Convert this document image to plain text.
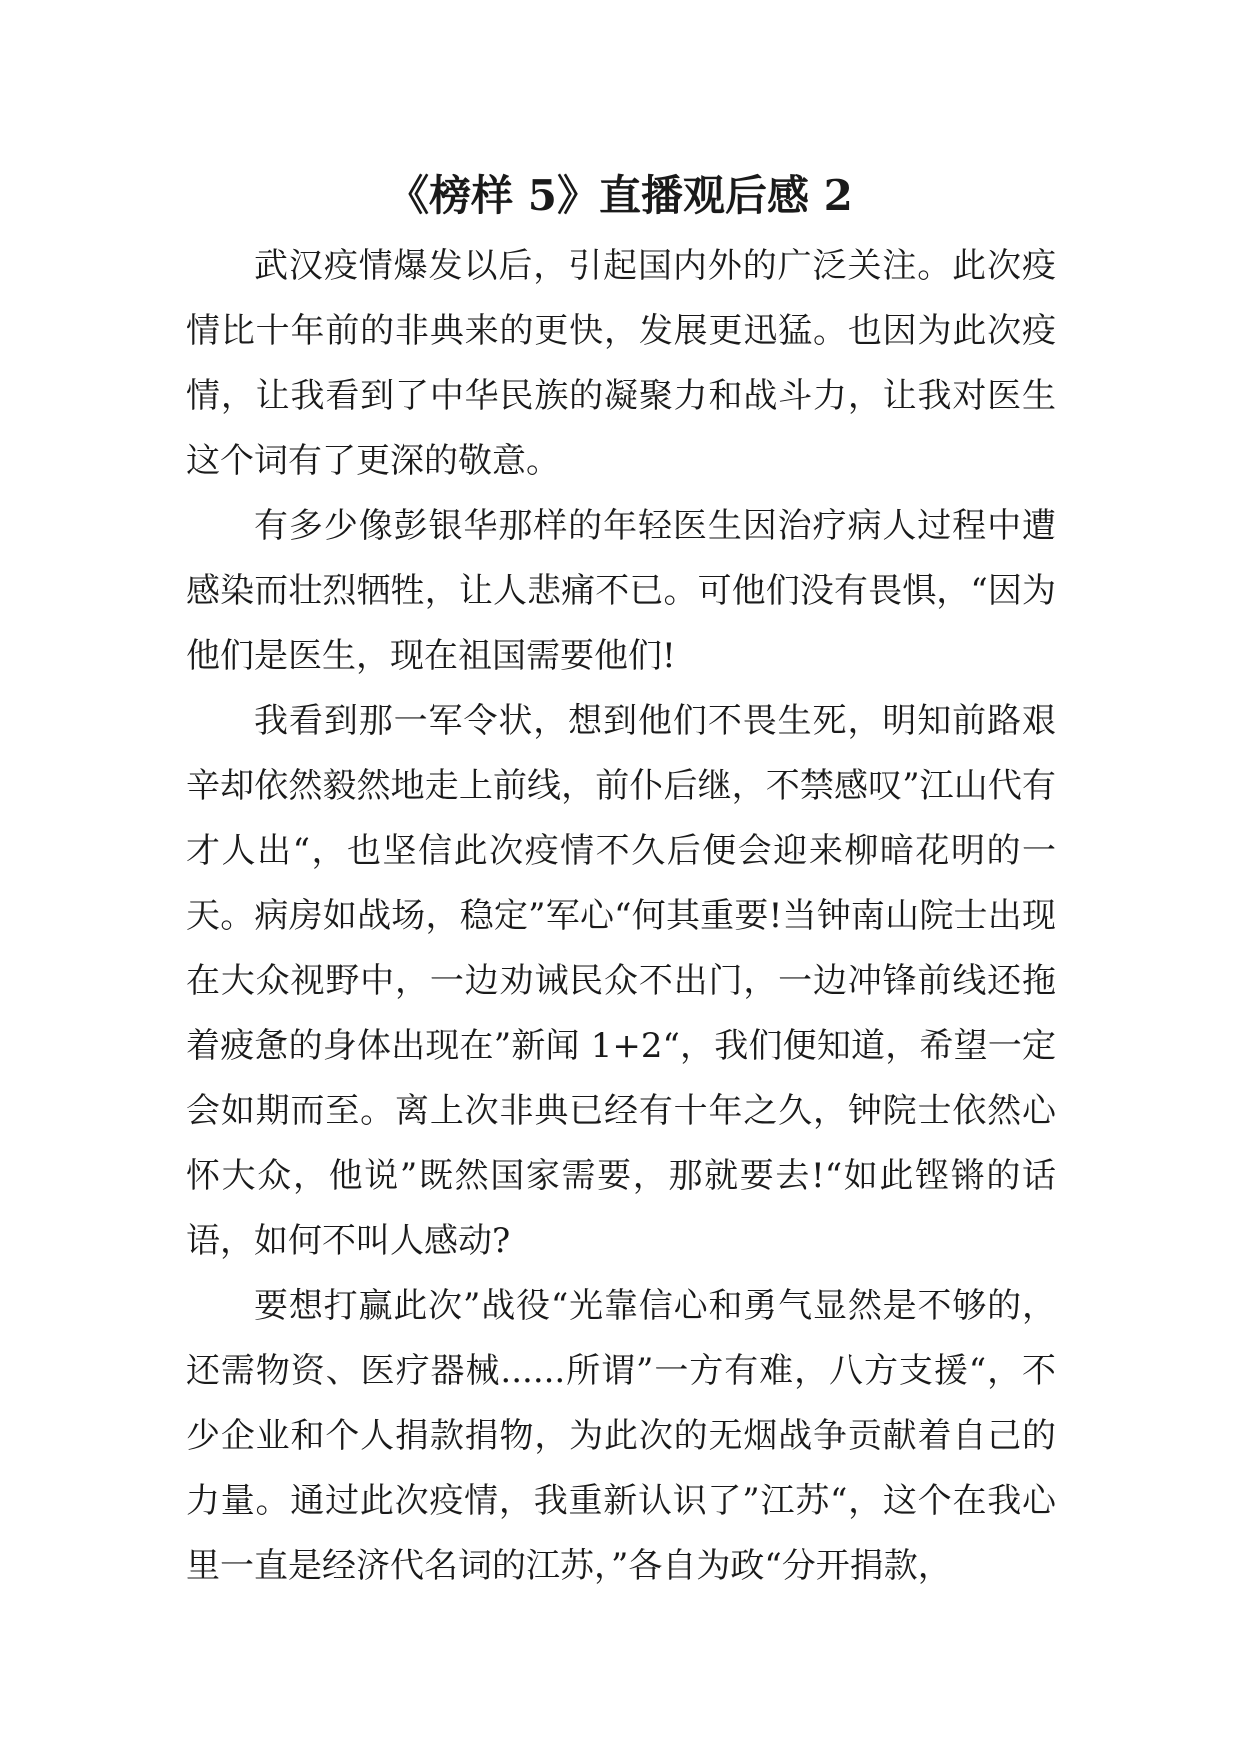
《榜样 5》直播观后感 2

武汉疫情爆发以后，引起国内外的广泛关注。此次疫情比十年前的非典来的更快，发展更迅猛。也因为此次疫情，让我看到了中华民族的凝聚力和战斗力，让我对医生这个词有了更深的敬意。

有多少像彭银华那样的年轻医生因治疗病人过程中遭感染而壮烈牺牲，让人悲痛不已。可他们没有畏惧，“因为他们是医生，现在祖国需要他们!

我看到那一军令状，想到他们不畏生死，明知前路艰辛却依然毅然地走上前线，前仆后继，不禁感叹”江山代有才人出“，也坚信此次疫情不久后便会迎来柳暗花明的一天。病房如战场，稳定”军心“何其重要!当钟南山院士出现在大众视野中，一边劝诫民众不出门，一边冲锋前线还拖着疲惫的身体出现在”新闻 1+2“，我们便知道，希望一定会如期而至。离上次非典已经有十年之久，钟院士依然心怀大众，他说”既然国家需要，那就要去!“如此铿锵的话语，如何不叫人感动?

要想打赢此次”战役“光靠信心和勇气显然是不够的，还需物资、医疗器械......所谓”一方有难，八方支援“，不少企业和个人捐款捐物，为此次的无烟战争贡献着自己的力量。通过此次疫情，我重新认识了”江苏“，这个在我心里一直是经济代名词的江苏，”各自为政“分开捐款，
